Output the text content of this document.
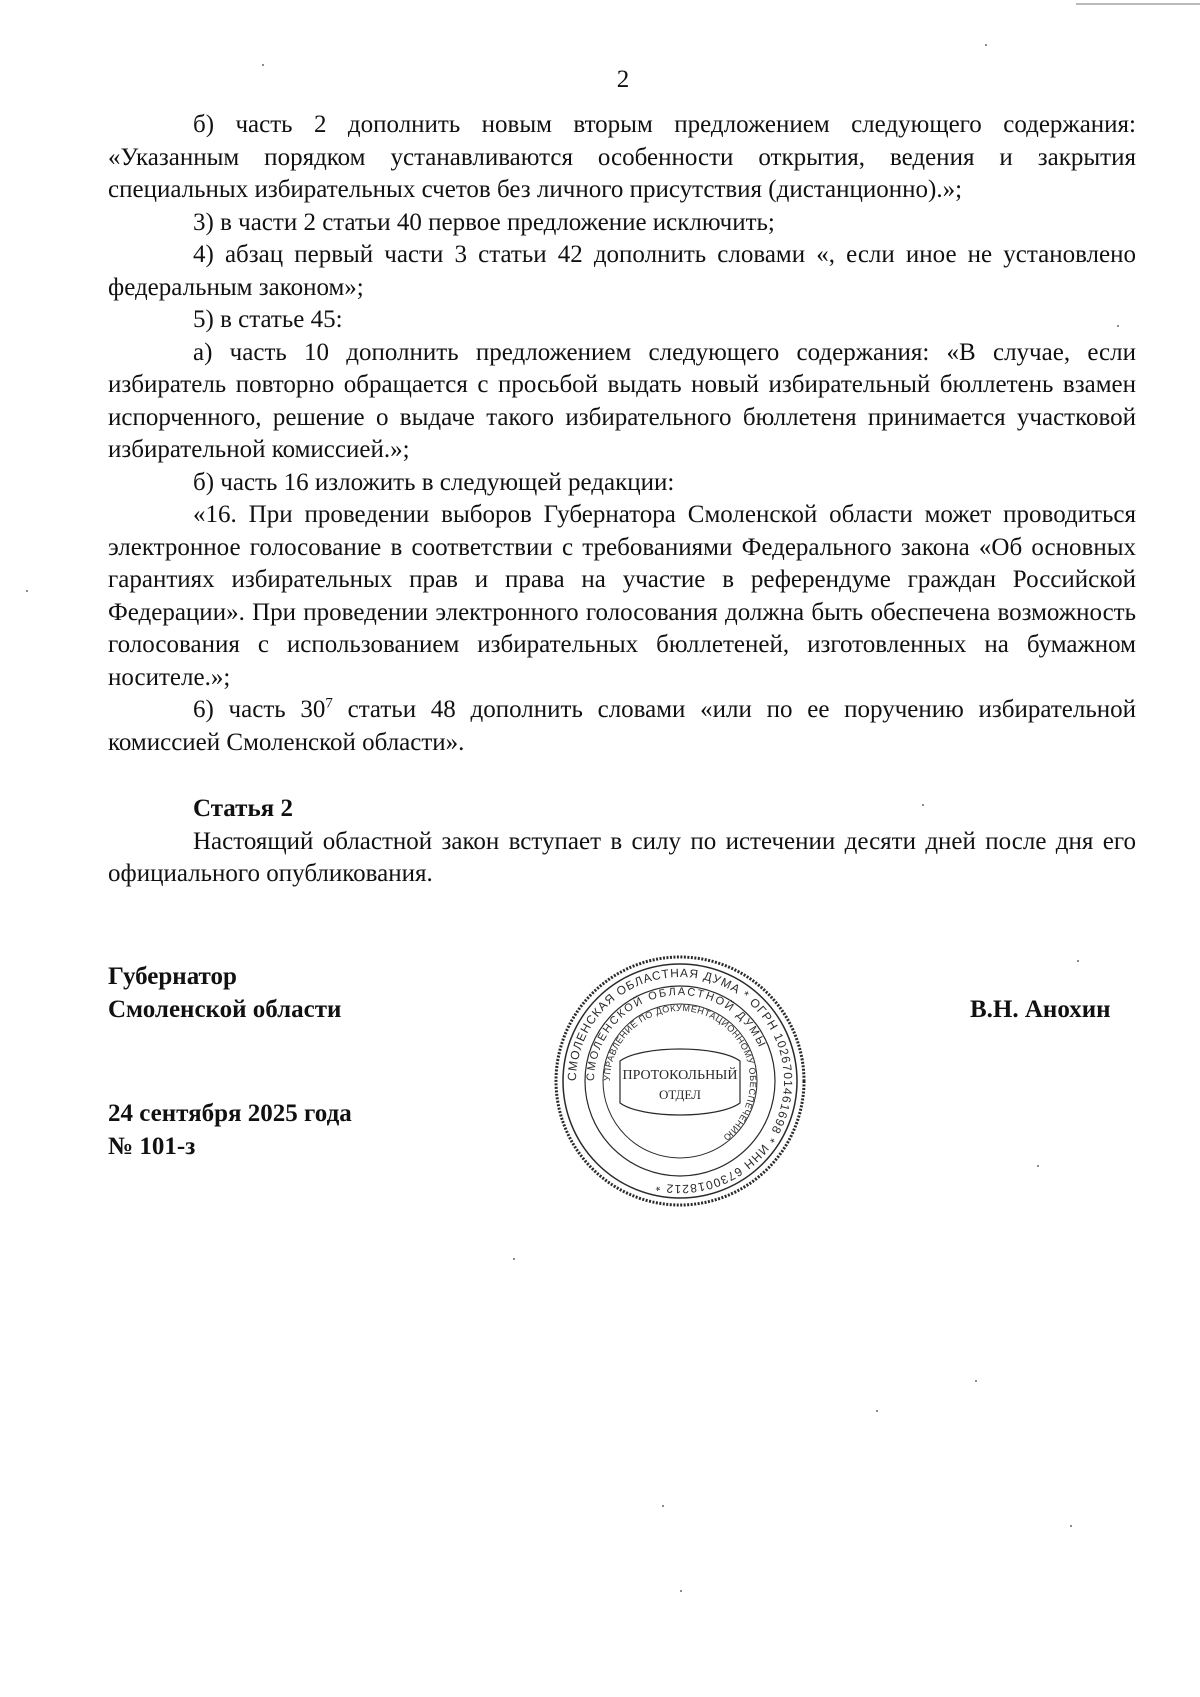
2

б) часть 2 дополнить новым вторым предложением следующего содержания: «Указанным порядком устанавливаются особенности открытия, ведения и закрытия специальных избирательных счетов без личного присутствия (дистанционно).»;

3) в части 2 статьи 40 первое предложение исключить;

4) абзац первый части 3 статьи 42 дополнить словами «, если иное не установлено федеральным законом»;

5) в статье 45:

а) часть 10 дополнить предложением следующего содержания: «В случае, если избиратель повторно обращается с просьбой выдать новый избирательный бюллетень взамен испорченного, решение о выдаче такого избирательного бюллетеня принимается участковой избирательной комиссией.»;

б) часть 16 изложить в следующей редакции:

«16. При проведении выборов Губернатора Смоленской области может проводиться электронное голосование в соответствии с требованиями Федерального закона «Об основных гарантиях избирательных прав и права на участие в референдуме граждан Российской Федерации». При проведении электронного голосования должна быть обеспечена возможность голосования с использованием избирательных бюллетеней, изготовленных на бумажном носителе.»;

6) часть $30^7$ статьи 48 дополнить словами «или по ее поручению избирательной комиссией Смоленской области».

Статья 2

Настоящий областной закон вступает в силу по истечении десяти дней после дня его официального опубликования.

Губернатор
Смоленской области	В.Н. Анохин
24 сентября 2025 года
№ 101-з
СМОЛЕНСКАЯ ОБЛАСТНАЯ ДУМА * ОГРН 1026701461698 * ИНН 6730018212 *
СМОЛЕНСКОЙ ОБЛАСТНОЙ ДУМЫ
УПРАВЛЕНИЕ ПО ДОКУМЕНТАЦИОННОМУ ОБЕСПЕЧЕНИЮ
ПРОТОКОЛЬНЫЙ
ОТДЕЛ
